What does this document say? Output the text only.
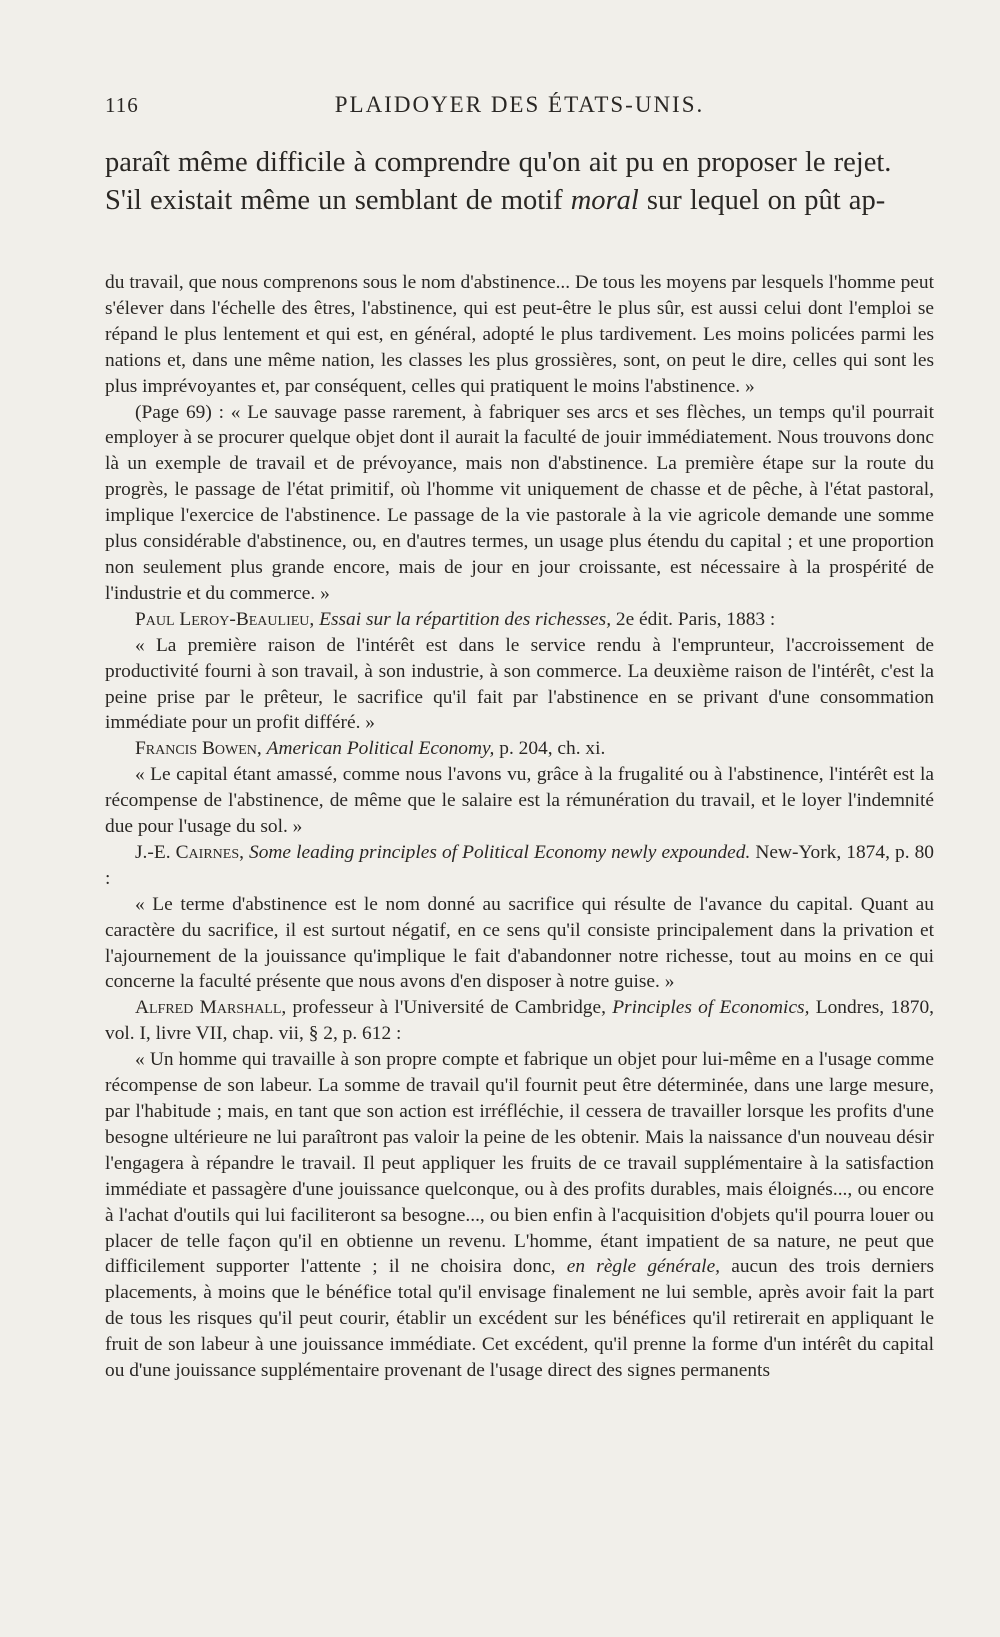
116	PLAIDOYER DES ÉTATS-UNIS.

paraît même difficile à comprendre qu'on ait pu en proposer le rejet.
S'il existait même un semblant de motif moral sur lequel on pût ap-

du travail, que nous comprenons sous le nom d'abstinence... De tous les moyens par lesquels l'homme peut s'élever dans l'échelle des êtres, l'abstinence, qui est peut-être le plus sûr, est aussi celui dont l'emploi se répand le plus lentement et qui est, en général, adopté le plus tardivement. Les moins policées parmi les nations et, dans une même nation, les classes les plus grossières, sont, on peut le dire, celles qui sont les plus imprévoyantes et, par conséquent, celles qui pratiquent le moins l'abstinence. »

(Page 69) : « Le sauvage passe rarement, à fabriquer ses arcs et ses flèches, un temps qu'il pourrait employer à se procurer quelque objet dont il aurait la faculté de jouir immédiatement. Nous trouvons donc là un exemple de travail et de prévoyance, mais non d'abstinence. La première étape sur la route du progrès, le passage de l'état primitif, où l'homme vit uniquement de chasse et de pêche, à l'état pastoral, implique l'exercice de l'abstinence. Le passage de la vie pastorale à la vie agricole demande une somme plus considérable d'abstinence, ou, en d'autres termes, un usage plus étendu du capital ; et une proportion non seulement plus grande encore, mais de jour en jour croissante, est nécessaire à la prospérité de l'industrie et du commerce. »

Paul Leroy-Beaulieu, Essai sur la répartition des richesses, 2e édit. Paris, 1883 :

« La première raison de l'intérêt est dans le service rendu à l'emprunteur, l'accroissement de productivité fourni à son travail, à son industrie, à son commerce. La deuxième raison de l'intérêt, c'est la peine prise par le prêteur, le sacrifice qu'il fait par l'abstinence en se privant d'une consommation immédiate pour un profit différé. »

Francis Bowen, American Political Economy, p. 204, ch. xi.

« Le capital étant amassé, comme nous l'avons vu, grâce à la frugalité ou à l'abstinence, l'intérêt est la récompense de l'abstinence, de même que le salaire est la rémunération du travail, et le loyer l'indemnité due pour l'usage du sol. »

J.-E. Cairnes, Some leading principles of Political Economy newly expounded. New-York, 1874, p. 80 :

« Le terme d'abstinence est le nom donné au sacrifice qui résulte de l'avance du capital. Quant au caractère du sacrifice, il est surtout négatif, en ce sens qu'il consiste principalement dans la privation et l'ajournement de la jouissance qu'implique le fait d'abandonner notre richesse, tout au moins en ce qui concerne la faculté présente que nous avons d'en disposer à notre guise. »

Alfred Marshall, professeur à l'Université de Cambridge, Principles of Economics, Londres, 1870, vol. I, livre VII, chap. vii, § 2, p. 612 :

« Un homme qui travaille à son propre compte et fabrique un objet pour lui-même en a l'usage comme récompense de son labeur. La somme de travail qu'il fournit peut être déterminée, dans une large mesure, par l'habitude ; mais, en tant que son action est irréfléchie, il cessera de travailler lorsque les profits d'une besogne ultérieure ne lui paraîtront pas valoir la peine de les obtenir. Mais la naissance d'un nouveau désir l'engagera à répandre le travail. Il peut appliquer les fruits de ce travail supplémentaire à la satisfaction immédiate et passagère d'une jouissance quelconque, ou à des profits durables, mais éloignés..., ou encore à l'achat d'outils qui lui faciliteront sa besogne..., ou bien enfin à l'acquisition d'objets qu'il pourra louer ou placer de telle façon qu'il en obtienne un revenu. L'homme, étant impatient de sa nature, ne peut que difficilement supporter l'attente ; il ne choisira donc, en règle générale, aucun des trois derniers placements, à moins que le bénéfice total qu'il envisage finalement ne lui semble, après avoir fait la part de tous les risques qu'il peut courir, établir un excédent sur les bénéfices qu'il retirerait en appliquant le fruit de son labeur à une jouissance immédiate. Cet excédent, qu'il prenne la forme d'un intérêt du capital ou d'une jouissance supplémentaire provenant de l'usage direct des signes permanents
